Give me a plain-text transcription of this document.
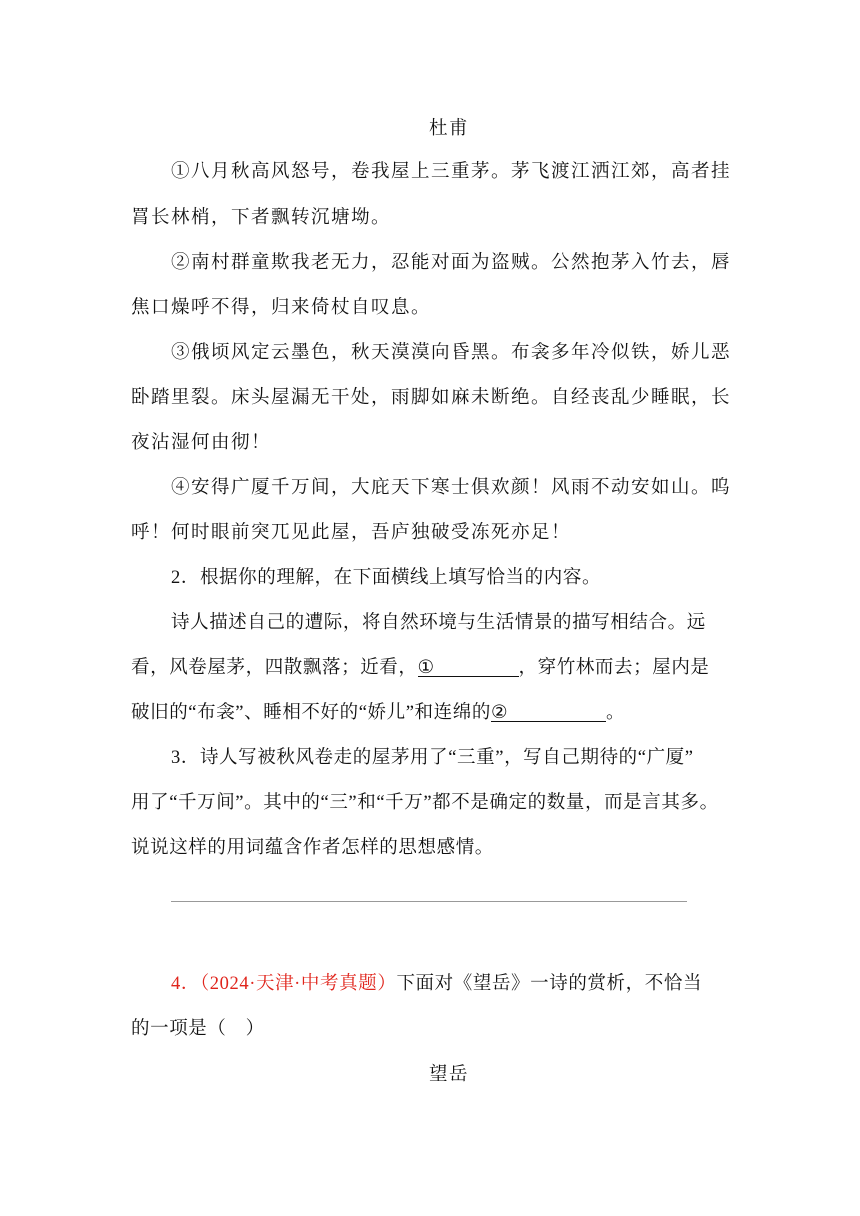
杜甫
①八月秋高风怒号，卷我屋上三重茅。茅飞渡江洒江郊，高者挂
罥长林梢，下者飘转沉塘坳。
②南村群童欺我老无力，忍能对面为盗贼。公然抱茅入竹去，唇
焦口燥呼不得，归来倚杖自叹息。
③俄顷风定云墨色，秋天漠漠向昏黑。布衾多年冷似铁，娇儿恶
卧踏里裂。床头屋漏无干处，雨脚如麻未断绝。自经丧乱少睡眠，长
夜沾湿何由彻！
④安得广厦千万间，大庇天下寒士俱欢颜！风雨不动安如山。呜
呼！何时眼前突兀见此屋，吾庐独破受冻死亦足！
2．根据你的理解，在下面横线上填写恰当的内容。
诗人描述自己的遭际，将自然环境与生活情景的描写相结合。远
看，风卷屋茅，四散飘落；近看，①	，穿竹林而去；屋内是
破旧的“布衾”、睡相不好的“娇儿”和连绵的②	。
3．诗人写被秋风卷走的屋茅用了“三重”，写自己期待的“广厦”
用了“千万间”。其中的“三”和“千万”都不是确定的数量，而是言其多。
说说这样的用词蕴含作者怎样的思想感情。
4．（2024·天津·中考真题）下面对《望岳》一诗的赏析，不恰当
的一项是（　）
望岳
